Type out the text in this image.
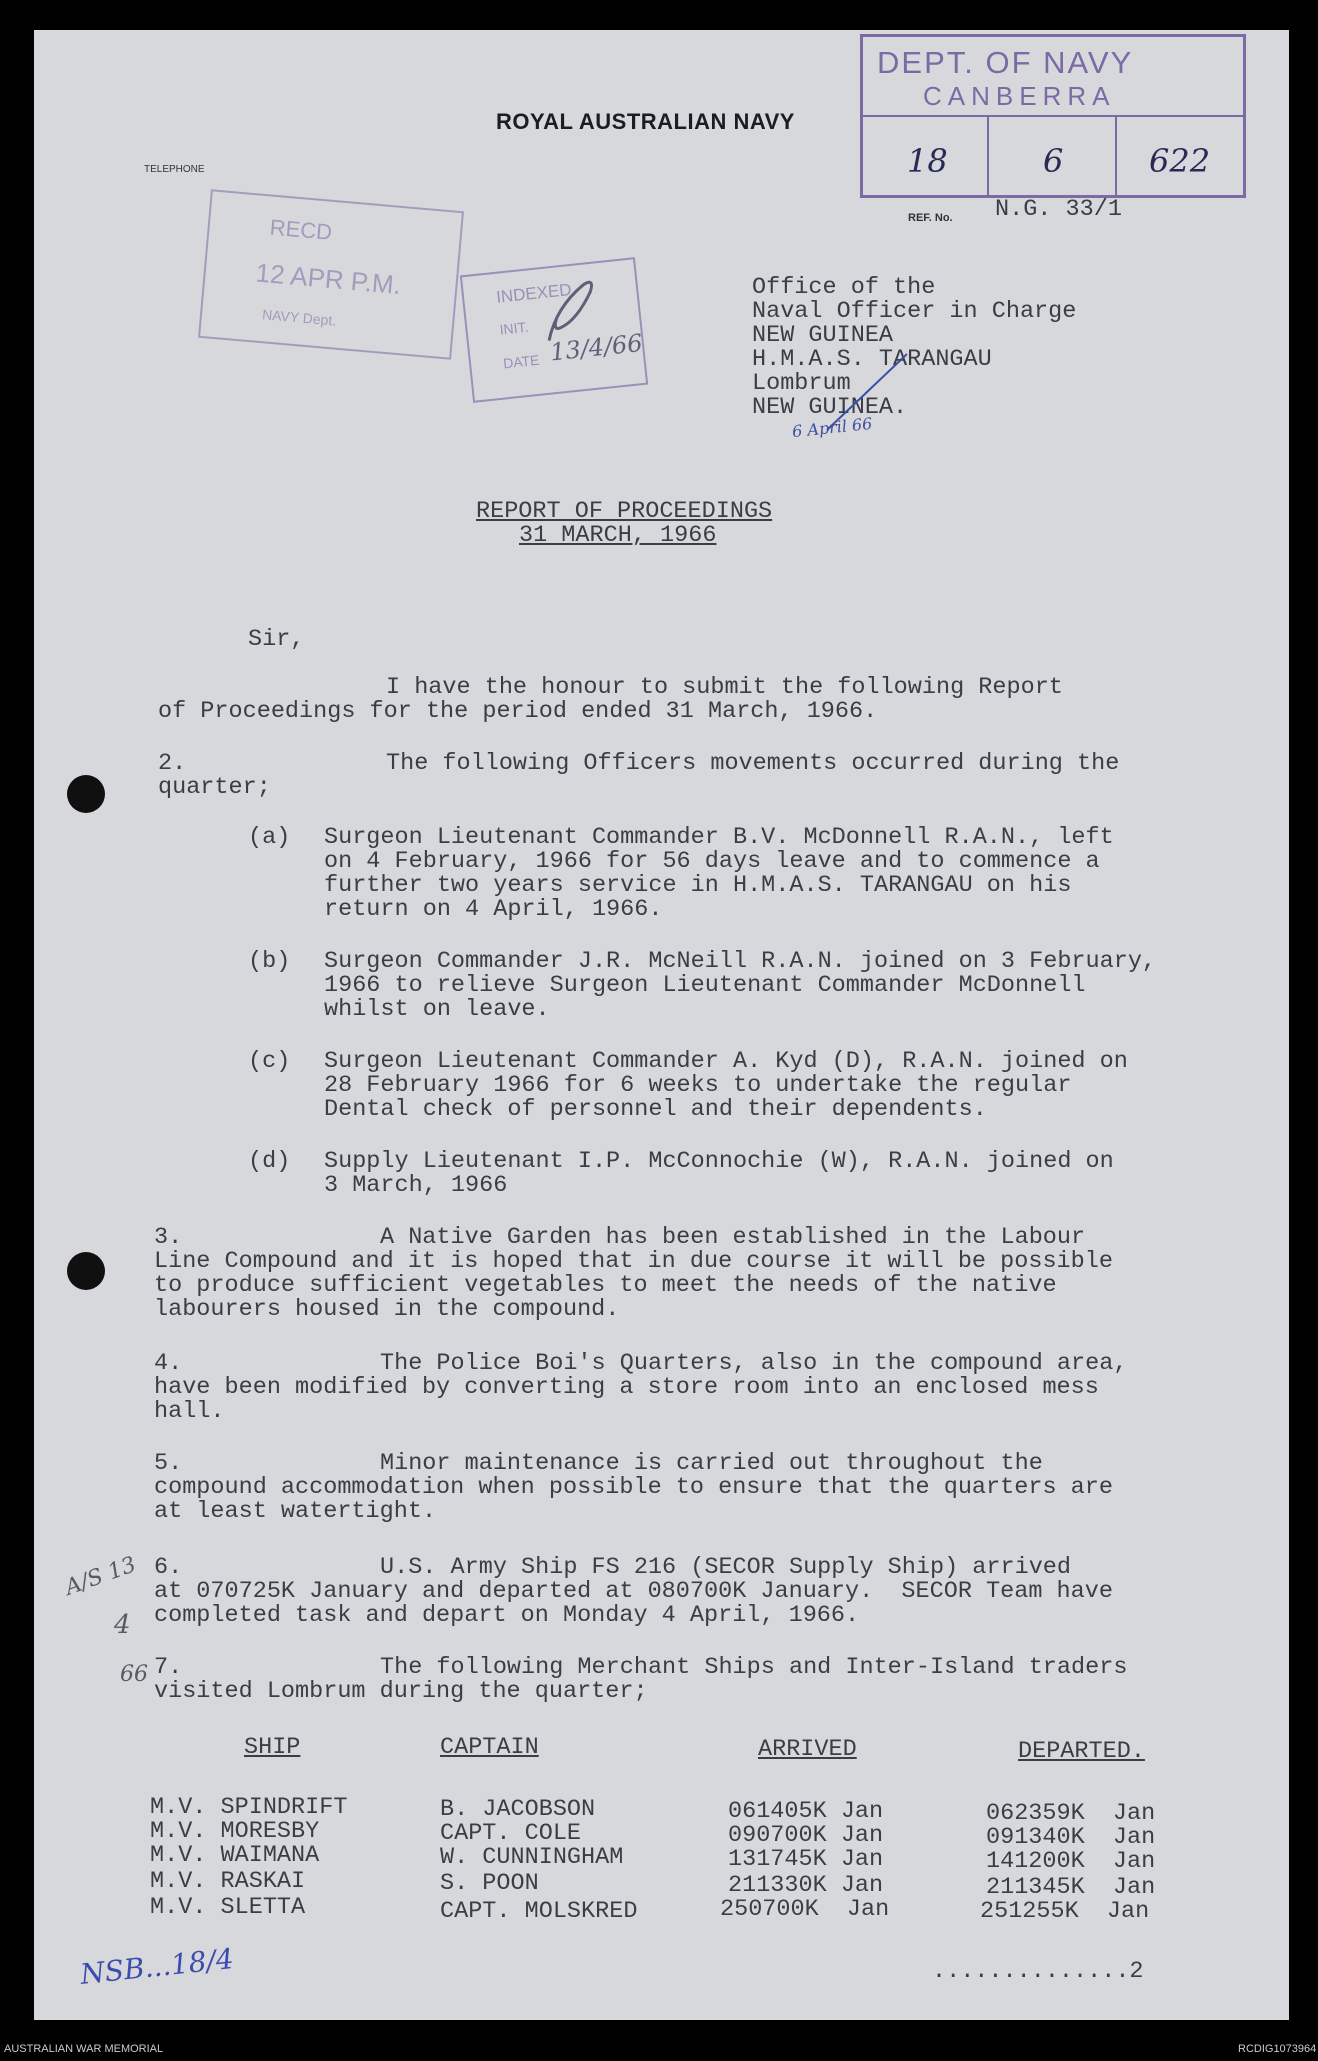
ROYAL AUSTRALIAN NAVY
TELEPHONE
REF. No. N.G. 33/1
DEPT. OF NAVY
CANBERRA
18	6	622
RECD
12 APR P.M.
NAVY Dept.
INDEXED
INIT.
DATE 13/4/66
Office of the
Naval Officer in Charge
NEW GUINEA
H.M.A.S. TARANGAU
Lombrum
NEW GUINEA.
6 April 66
REPORT OF PROCEEDINGS
31 MARCH, 1966
Sir,
I have the honour to submit the following Report
of Proceedings for the period ended 31 March, 1966.
2.	The following Officers movements occurred during the
quarter;
(a) Surgeon Lieutenant Commander B.V. McDonnell R.A.N., left
on 4 February, 1966 for 56 days leave and to commence a
further two years service in H.M.A.S. TARANGAU on his
return on 4 April, 1966.
(b) Surgeon Commander J.R. McNeill R.A.N. joined on 3 February,
1966 to relieve Surgeon Lieutenant Commander McDonnell
whilst on leave.
(c) Surgeon Lieutenant Commander A. Kyd (D), R.A.N. joined on
28 February 1966 for 6 weeks to undertake the regular
Dental check of personnel and their dependents.
(d) Supply Lieutenant I.P. McConnochie (W), R.A.N. joined on
3 March, 1966
3.	A Native Garden has been established in the Labour
Line Compound and it is hoped that in due course it will be possible
to produce sufficient vegetables to meet the needs of the native
labourers housed in the compound.
4.	The Police Boi's Quarters, also in the compound area,
have been modified by converting a store room into an enclosed mess
hall.
5.	Minor maintenance is carried out throughout the
compound accommodation when possible to ensure that the quarters are
at least watertight.
6.	U.S. Army Ship FS 216 (SECOR Supply Ship) arrived
at 070725K January and departed at 080700K January.  SECOR Team have
completed task and depart on Monday 4 April, 1966.
7.	The following Merchant Ships and Inter-Island traders
visited Lombrum during the quarter;
A/S 13
4
66
SHIP	CAPTAIN	ARRIVED	DEPARTED.
M.V. SPINDRIFT	B. JACOBSON	061405K Jan	062359K  Jan
M.V. MORESBY	CAPT. COLE	090700K Jan	091340K  Jan
M.V. WAIMANA	W. CUNNINGHAM	131745K Jan	141200K  Jan
M.V. RASKAI	S. POON	211330K Jan	211345K  Jan
M.V. SLETTA	CAPT. MOLSKRED	250700K  Jan	251255K  Jan
..............2
NSB...18/4
AUSTRALIAN WAR MEMORIAL	RCDIG1073964
